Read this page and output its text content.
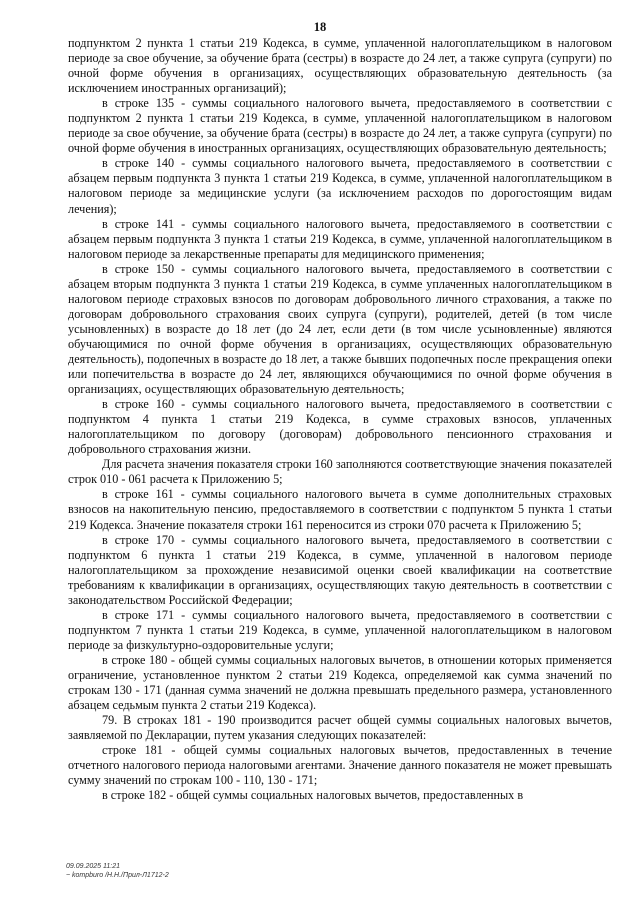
18

подпунктом 2 пункта 1 статьи 219 Кодекса, в сумме, уплаченной налогоплательщиком в налоговом периоде за свое обучение, за обучение брата (сестры) в возрасте до 24 лет, а также супруга (супруги) по очной форме обучения в организациях, осуществляющих образовательную деятельность (за исключением иностранных организаций);

в строке 135 - суммы социального налогового вычета, предоставляемого в соответствии с подпунктом 2 пункта 1 статьи 219 Кодекса, в сумме, уплаченной налогоплательщиком в налоговом периоде за свое обучение, за обучение брата (сестры) в возрасте до 24 лет, а также супруга (супруги) по очной форме обучения в иностранных организациях, осуществляющих образовательную деятельность;

в строке 140 - суммы социального налогового вычета, предоставляемого в соответствии с абзацем первым подпункта 3 пункта 1 статьи 219 Кодекса, в сумме, уплаченной налогоплательщиком в налоговом периоде за медицинские услуги (за исключением расходов по дорогостоящим видам лечения);

в строке 141 - суммы социального налогового вычета, предоставляемого в соответствии с абзацем первым подпункта 3 пункта 1 статьи 219 Кодекса, в сумме, уплаченной налогоплательщиком в налоговом периоде за лекарственные препараты для медицинского применения;

в строке 150 - суммы социального налогового вычета, предоставляемого в соответствии с абзацем вторым подпункта 3 пункта 1 статьи 219 Кодекса, в сумме уплаченных налогоплательщиком в налоговом периоде страховых взносов по договорам добровольного личного страхования, а также по договорам добровольного страхования своих супруга (супруги), родителей, детей (в том числе усыновленных) в возрасте до 18 лет (до 24 лет, если дети (в том числе усыновленные) являются обучающимися по очной форме обучения в организациях, осуществляющих образовательную деятельность), подопечных в возрасте до 18 лет, а также бывших подопечных после прекращения опеки или попечительства в возрасте до 24 лет, являющихся обучающимися по очной форме обучения в организациях, осуществляющих образовательную деятельность;

в строке 160 - суммы социального налогового вычета, предоставляемого в соответствии с подпунктом 4 пункта 1 статьи 219 Кодекса, в сумме страховых взносов, уплаченных налогоплательщиком по договору (договорам) добровольного пенсионного страхования и добровольного страхования жизни.

Для расчета значения показателя строки 160 заполняются соответствующие значения показателей строк 010 - 061 расчета к Приложению 5;

в строке 161 - суммы социального налогового вычета в сумме дополнительных страховых взносов на накопительную пенсию, предоставляемого в соответствии с подпунктом 5 пункта 1 статьи 219 Кодекса. Значение показателя строки 161 переносится из строки 070 расчета к Приложению 5;

в строке 170 - суммы социального налогового вычета, предоставляемого в соответствии с подпунктом 6 пункта 1 статьи 219 Кодекса, в сумме, уплаченной в налоговом периоде налогоплательщиком за прохождение независимой оценки своей квалификации на соответствие требованиям к квалификации в организациях, осуществляющих такую деятельность в соответствии с законодательством Российской Федерации;

в строке 171 - суммы социального налогового вычета, предоставляемого в соответствии с подпунктом 7 пункта 1 статьи 219 Кодекса, в сумме, уплаченной налогоплательщиком в налоговом периоде за физкультурно-оздоровительные услуги;

в строке 180 - общей суммы социальных налоговых вычетов, в отношении которых применяется ограничение, установленное пунктом 2 статьи 219 Кодекса, определяемой как сумма значений по строкам 130 - 171 (данная сумма значений не должна превышать предельного размера, установленного абзацем седьмым пункта 2 статьи 219 Кодекса).

79. В строках 181 - 190 производится расчет общей суммы социальных налоговых вычетов, заявляемой по Декларации, путем указания следующих показателей:

строке 181 - общей суммы социальных налоговых вычетов, предоставленных в течение отчетного налогового периода налоговыми агентами. Значение данного показателя не может превышать сумму значений по строкам 100 - 110, 130 - 171;

в строке 182 - общей суммы социальных налоговых вычетов, предоставленных в

09.09.2025 11:21
~ kompburo /Н.Н./Прил-Л1712-2
